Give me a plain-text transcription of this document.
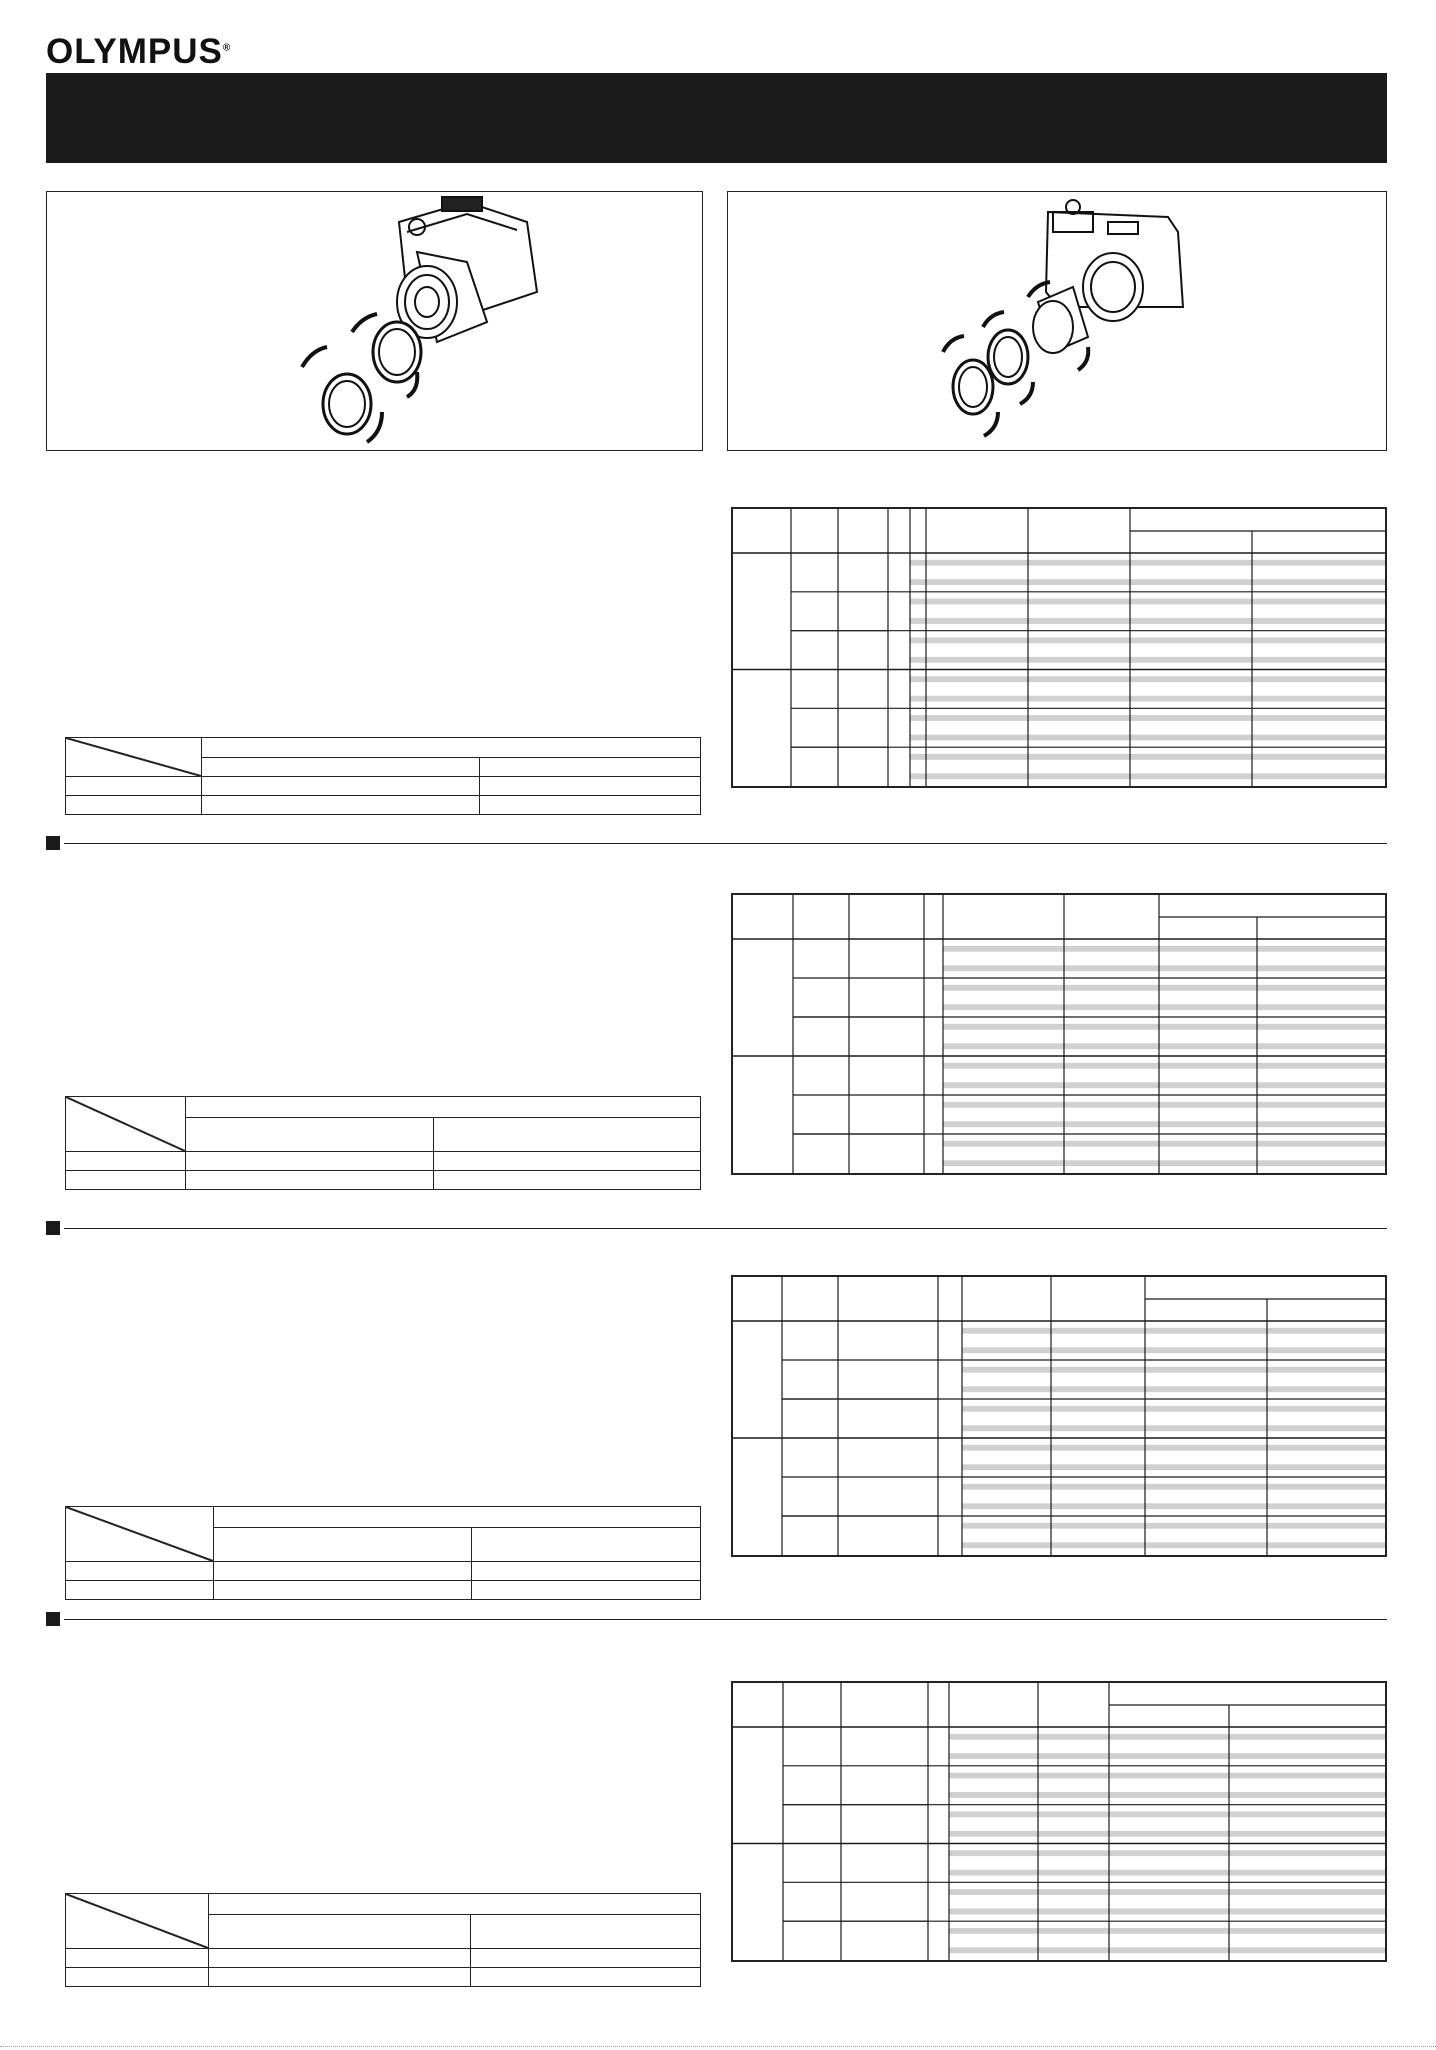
OLYMPUS®
